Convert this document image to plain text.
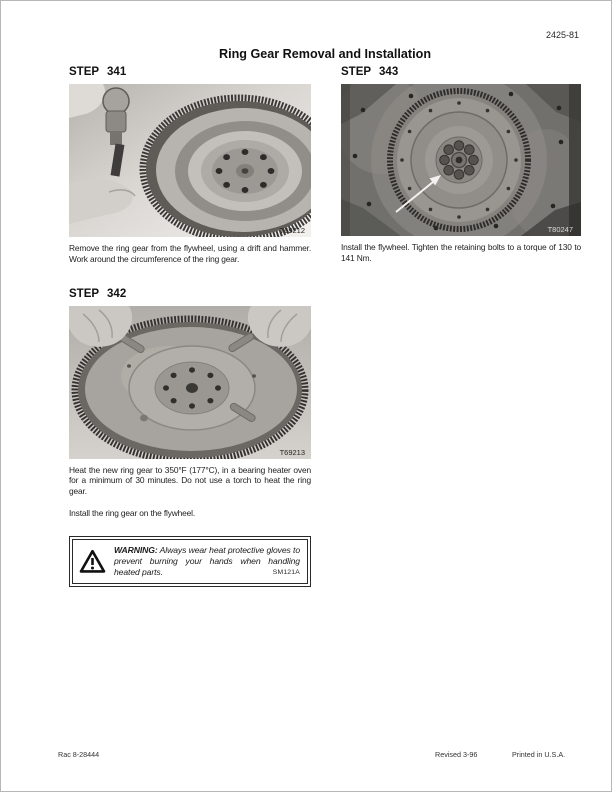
2425-81
Ring Gear Removal and Installation
STEP 341
T69212
Remove the ring gear from the flywheel, using a drift and hammer. Work around the circumference of the ring gear.
STEP 342
T69213
Heat the new ring gear to 350°F (177°C), in a bearing heater oven for a minimum of 30 minutes. Do not use a torch to heat the ring gear.
Install the ring gear on the flywheel.
WARNING: Always wear heat protective gloves to prevent burning your hands when handling heated parts.	SM121A
STEP 343
T80247
Install the flywheel. Tighten the retaining bolts to a torque of 130 to 141 Nm.
Rac 8-28444	Revised 3-96	Printed in U.S.A.
